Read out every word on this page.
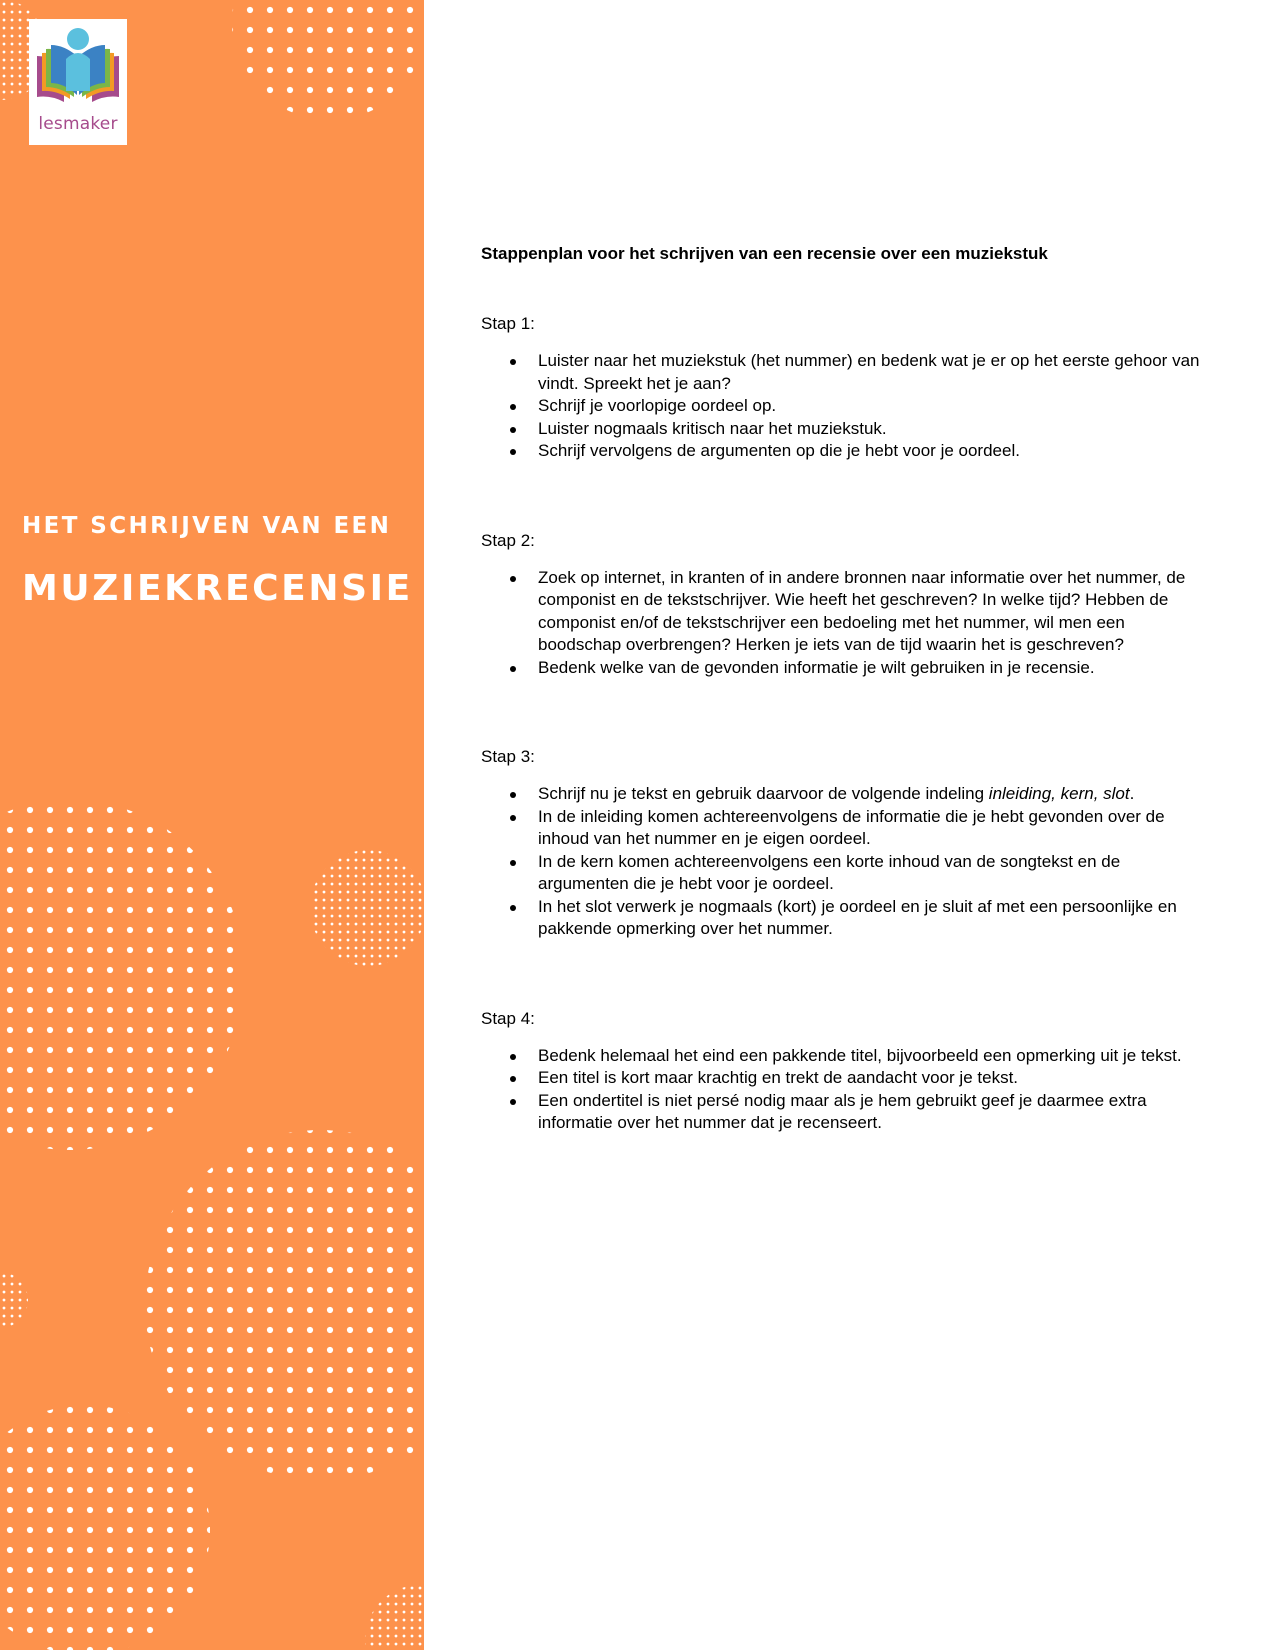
lesmaker
HET SCHRIJVEN VAN EEN
MUZIEKRECENSIE
Stappenplan voor het schrijven van een recensie over een muziekstuk
Stap 1:
Luister naar het muziekstuk (het nummer) en bedenk wat je er op het eerste gehoor van vindt. Spreekt het je aan?
Schrijf je voorlopige oordeel op.
Luister nogmaals kritisch naar het muziekstuk.
Schrijf vervolgens de argumenten op die je hebt voor je oordeel.
Stap 2:
Zoek op internet, in kranten of in andere bronnen naar informatie over het nummer, de componist en de tekstschrijver. Wie heeft het geschreven? In welke tijd? Hebben de componist en/of de tekstschrijver een bedoeling met het nummer, wil men een boodschap overbrengen? Herken je iets van de tijd waarin het is geschreven?
Bedenk welke van de gevonden informatie je wilt gebruiken in je recensie.
Stap 3:
Schrijf nu je tekst en gebruik daarvoor de volgende indeling inleiding, kern, slot.
In de inleiding komen achtereenvolgens de informatie die je hebt gevonden over de inhoud van het nummer en je eigen oordeel.
In de kern komen achtereenvolgens een korte inhoud van de songtekst en de argumenten die je hebt voor je oordeel.
In het slot verwerk je nogmaals (kort) je oordeel en je sluit af met een persoonlijke en pakkende opmerking over het nummer.
Stap 4:
Bedenk helemaal het eind een pakkende titel, bijvoorbeeld een opmerking uit je tekst.
Een titel is kort maar krachtig en trekt de aandacht voor je tekst.
Een ondertitel is niet persé nodig maar als je hem gebruikt geef je daarmee extra informatie over het nummer dat je recenseert.
